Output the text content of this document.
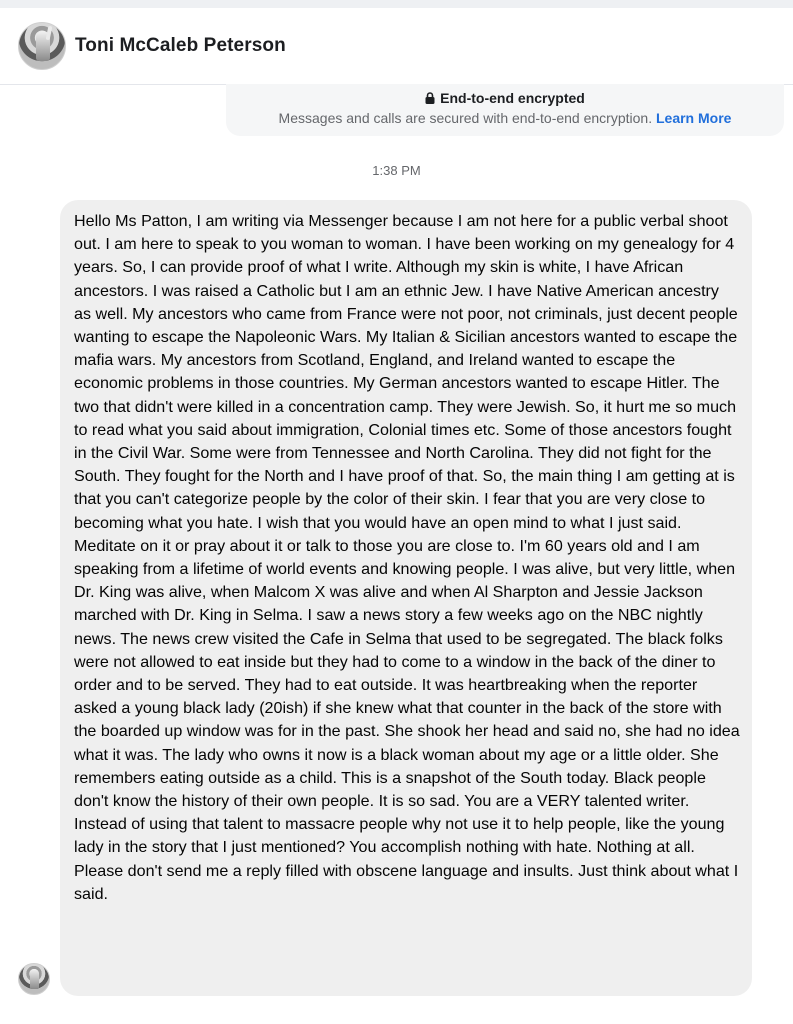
Toni McCaleb Peterson
End-to-end encrypted
Messages and calls are secured with end-to-end encryption. Learn More
1:38 PM
Hello Ms Patton, I am writing via Messenger because I am not here for a public verbal shoot out. I am here to speak to you woman to woman. I have been working on my genealogy for 4 years. So, I can provide proof of what I write. Although my skin is white, I have African ancestors. I was raised a Catholic but I am an ethnic Jew. I have Native American ancestry as well. My ancestors who came from France were not poor, not criminals, just decent people wanting to escape the Napoleonic Wars. My Italian & Sicilian ancestors wanted to escape the mafia wars. My ancestors from Scotland, England, and Ireland wanted to escape the economic problems in those countries. My German ancestors wanted to escape Hitler. The two that didn't were killed in a concentration camp. They were Jewish. So, it hurt me so much to read what you said about immigration, Colonial times etc. Some of those ancestors fought in the Civil War. Some were from Tennessee and North Carolina. They did not fight for the South. They fought for the North and I have proof of that. So, the main thing I am getting at is that you can't categorize people by the color of their skin. I fear that you are very close to becoming what you hate. I wish that you would have an open mind to what I just said. Meditate on it or pray about it or talk to those you are close to. I'm 60 years old and I am speaking from a lifetime of world events and knowing people. I was alive, but very little, when Dr. King was alive, when Malcom X was alive and when Al Sharpton and Jessie Jackson marched with Dr. King in Selma. I saw a news story a few weeks ago on the NBC nightly news. The news crew visited the Cafe in Selma that used to be segregated. The black folks were not allowed to eat inside but they had to come to a window in the back of the diner to order and to be served. They had to eat outside. It was heartbreaking when the reporter asked a young black lady (20ish) if she knew what that counter in the back of the store with the boarded up window was for in the past. She shook her head and said no, she had no idea what it was. The lady who owns it now is a black woman about my age or a little older. She remembers eating outside as a child. This is a snapshot of the South today. Black people don't know the history of their own people. It is so sad. You are a VERY talented writer. Instead of using that talent to massacre people why not use it to help people, like the young lady in the story that I just mentioned? You accomplish nothing with hate. Nothing at all. Please don't send me a reply filled with obscene language and insults. Just think about what I said.
